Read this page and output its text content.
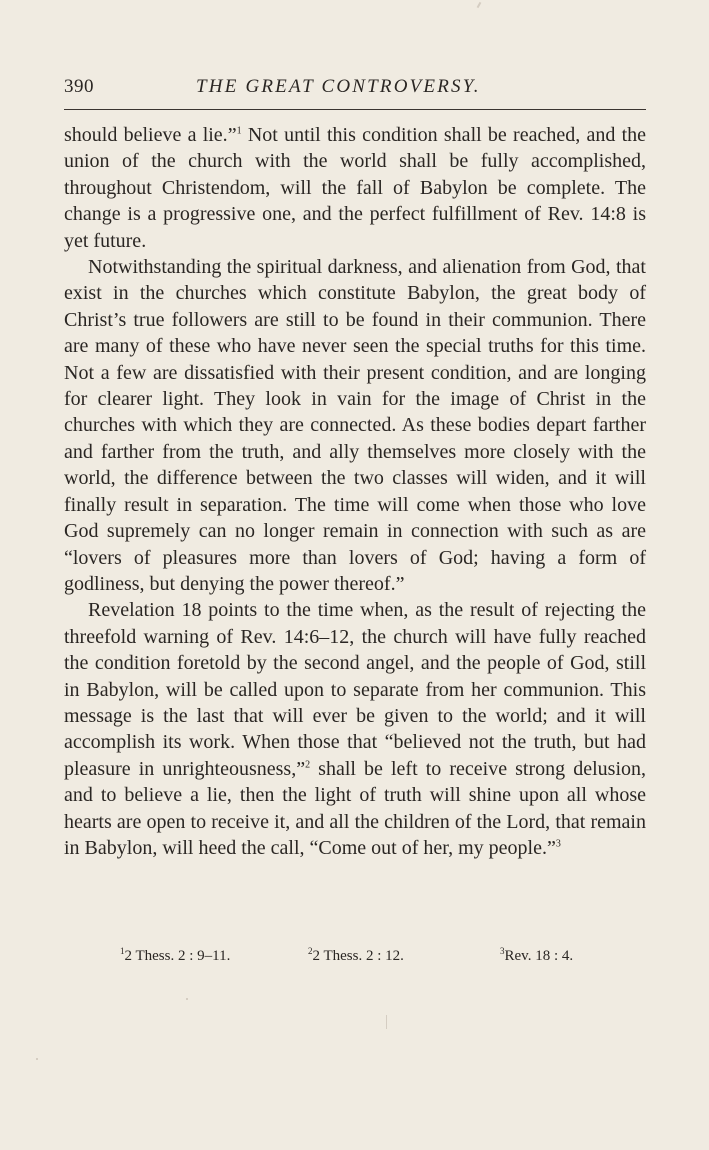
390	THE GREAT CONTROVERSY.

should believe a lie.”$^1$ Not until this condition shall be reached, and the union of the church with the world shall be fully accomplished, throughout Christendom, will the fall of Babylon be complete. The change is a progressive one, and the perfect fulfillment of Rev. 14:8 is yet future.

Notwithstanding the spiritual darkness, and alienation from God, that exist in the churches which constitute Babylon, the great body of Christ’s true followers are still to be found in their communion. There are many of these who have never seen the special truths for this time. Not a few are dissatisfied with their present condition, and are longing for clearer light. They look in vain for the image of Christ in the churches with which they are connected. As these bodies depart farther and farther from the truth, and ally themselves more closely with the world, the difference between the two classes will widen, and it will finally result in separation. The time will come when those who love God supremely can no longer remain in connection with such as are “lovers of pleasures more than lovers of God; having a form of godliness, but denying the power thereof.”

Revelation 18 points to the time when, as the result of rejecting the threefold warning of Rev. 14:6–12, the church will have fully reached the condition foretold by the second angel, and the people of God, still in Babylon, will be called upon to separate from her communion. This message is the last that will ever be given to the world; and it will accomplish its work. When those that “believed not the truth, but had pleasure in unrighteousness,”$^2$ shall be left to receive strong delusion, and to believe a lie, then the light of truth will shine upon all whose hearts are open to receive it, and all the children of the Lord, that remain in Babylon, will heed the call, “Come out of her, my people.”$^3$

$^1$2 Thess. 2 : 9–11.	$^2$2 Thess. 2 : 12.	$^3$Rev. 18 : 4.
